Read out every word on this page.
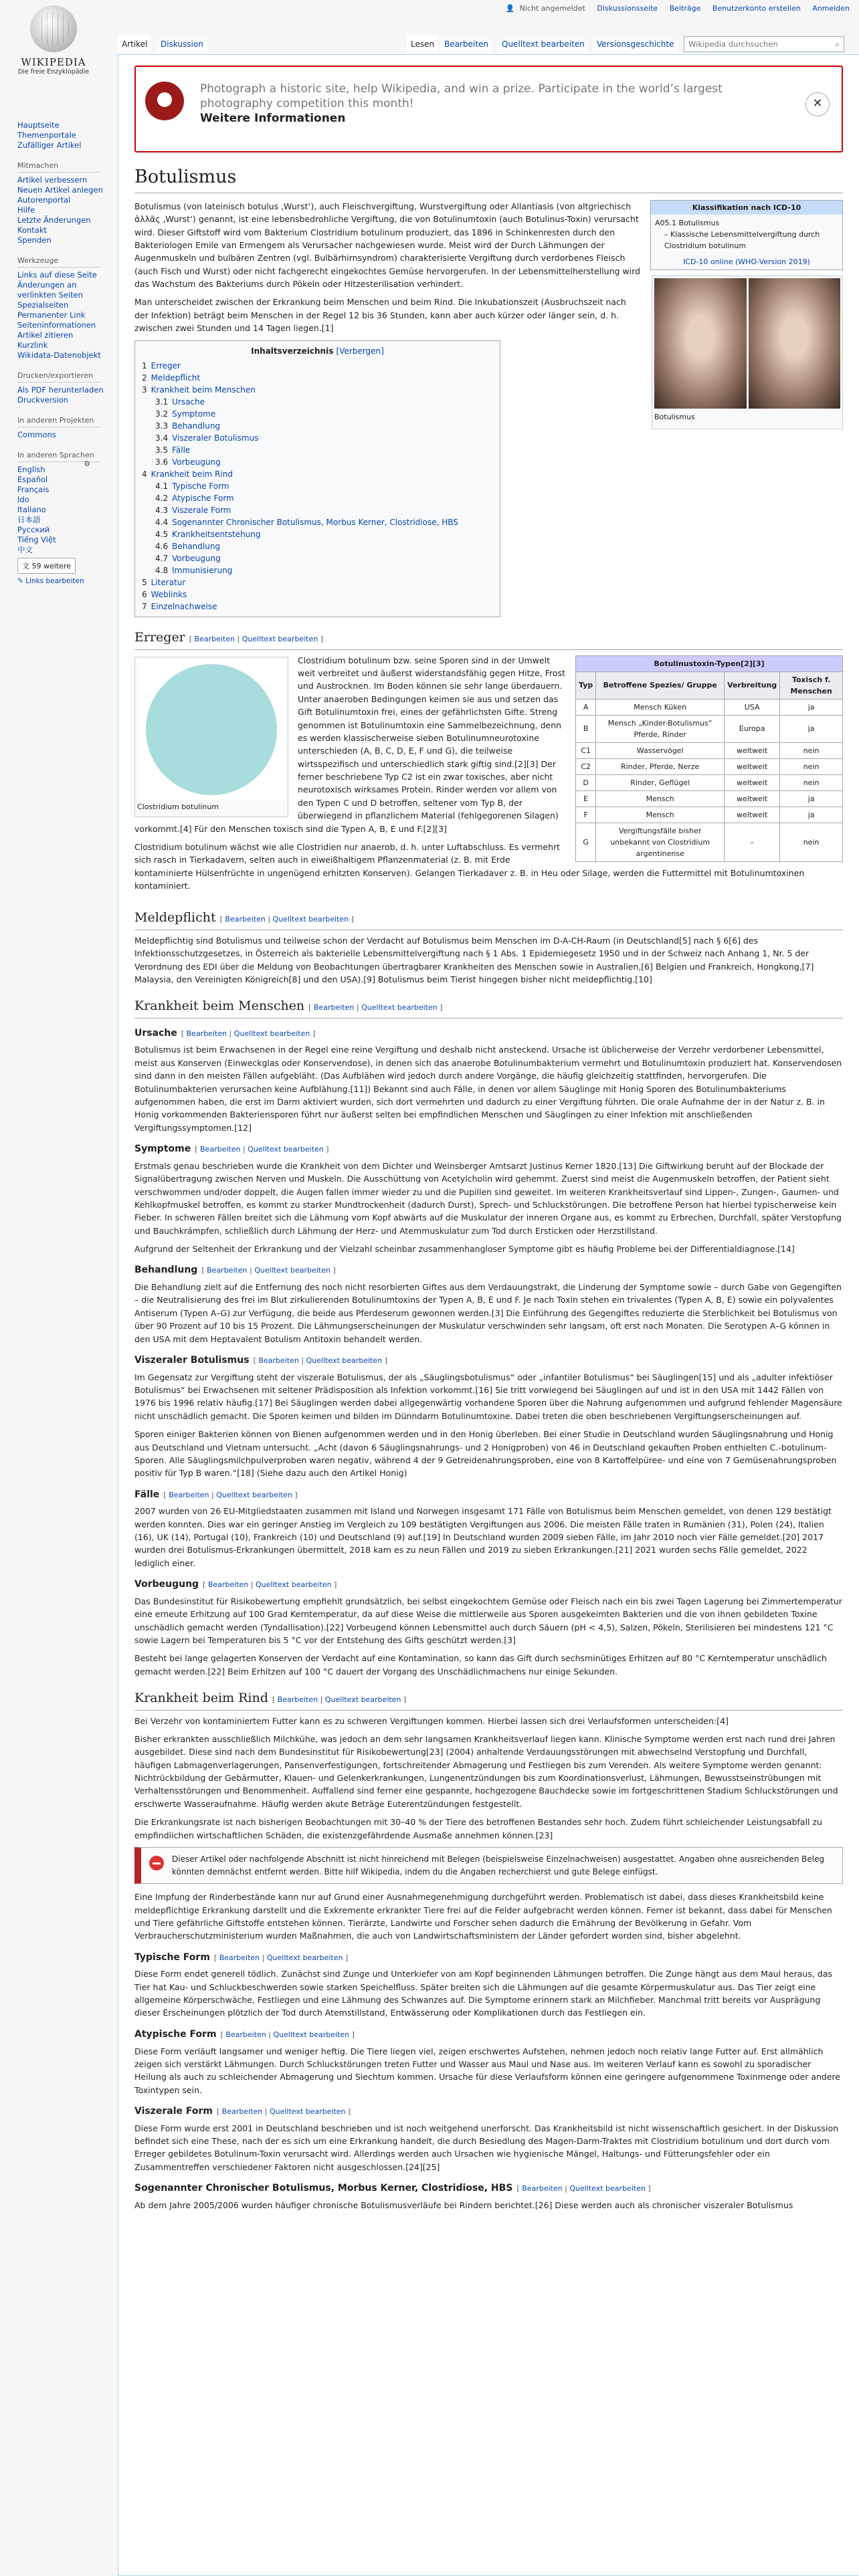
WIKIPEDIA
Die freie Enzyklopädie
👤 Nicht angemeldet Diskussionsseite Beiträge Benutzerkonto erstellen Anmelden
Artikel	Diskussion	Lesen	Bearbeiten	Quelltext bearbeiten	Versionsgeschichte	Wikipedia durchsuchen	⌕
Hauptseite
Themenportale
Zufälliger Artikel
Mitmachen
Artikel verbessern
Neuen Artikel anlegen
Autorenportal
Hilfe
Letzte Änderungen
Kontakt
Spenden
Werkzeuge
Links auf diese Seite
Änderungen an verlinkten Seiten
Spezialseiten
Permanenter Link
Seiteninformationen
Artikel zitieren
Kurzlink
Wikidata-Datenobjekt
Drucken/exportieren
Als PDF herunterladen
Druckversion
In anderen Projekten
Commons
In anderen Sprachen
⚙
English
Español
Français
Ido
Italiano
日本語
Русский
Tiếng Việt
中文
文 59 weitere
✎ Links bearbeiten
Photograph a historic site, help Wikipedia, and win a prize. Participate in the world’s largest photography competition this month!
Weitere Informationen
✕
Botulismus
Klassifikation nach ICD-10
A05.1 Botulismus
– Klassische Lebensmittelvergiftung durch Clostridium botulinum
ICD-10 online (WHO-Version 2019)
Botulismus

Botulismus (von lateinisch botulus ‚Wurst‘), auch Fleischvergiftung, Wurstvergiftung oder Allantiasis (von altgriechisch ἀλλᾶς ‚Wurst‘) genannt, ist eine lebensbedrohliche Vergiftung, die von Botulinumtoxin (auch Botulinus-Toxin) verursacht wird. Dieser Giftstoff wird vom Bakterium Clostridium botulinum produziert, das 1896 in Schinkenresten durch den Bakteriologen Emile van Ermengem als Verursacher nachgewiesen wurde. Meist wird der Durch Lähmungen der Augenmuskeln und bulbären Zentren (vgl. Bulbärhirnsyndrom) charakterisierte Vergiftung durch verdorbenes Fleisch (auch Fisch und Wurst) oder nicht fachgerecht eingekochtes Gemüse hervorgerufen. In der Lebensmittelherstellung wird das Wachstum des Bakteriums durch Pökeln oder Hitzesterilisation verhindert.

Man unterscheidet zwischen der Erkrankung beim Menschen und beim Rind. Die Inkubationszeit (Ausbruchszeit nach der Infektion) beträgt beim Menschen in der Regel 12 bis 36 Stunden, kann aber auch kürzer oder länger sein, d. h. zwischen zwei Stunden und 14 Tagen liegen.[1]

Inhaltsverzeichnis [Verbergen]
1 Erreger
2 Meldepflicht
3 Krankheit beim Menschen
3.1 Ursache
3.2 Symptome
3.3 Behandlung
3.4 Viszeraler Botulismus
3.5 Fälle
3.6 Vorbeugung
4 Krankheit beim Rind
4.1 Typische Form
4.2 Atypische Form
4.3 Viszerale Form
4.4 Sogenannter Chronischer Botulismus, Morbus Kerner, Clostridiose, HBS
4.5 Krankheitsentstehung
4.6 Behandlung
4.7 Vorbeugung
4.8 Immunisierung
5 Literatur
6 Weblinks
7 Einzelnachweise
Erreger [ Bearbeiten | Quelltext bearbeiten ]
Botulinustoxin-Typen[2][3]			
Typ	Betroffene Spezies/ Gruppe	Verbreitung	Toxisch f. Menschen
A	Mensch Küken	USA	ja
B	Mensch „Kinder-Botulismus“ Pferde, Rinder	Europa	ja
C1	Wasservögel	weltweit	nein
C2	Rinder, Pferde, Nerze	weltweit	nein
D	Rinder, Geflügel	weltweit	nein
E	Mensch	weltweit	ja
F	Mensch	weltweit	ja
G	Vergiftungsfälle bisher unbekannt von Clostridium argentinense	–	nein
Clostridium botulinum

Clostridium botulinum bzw. seine Sporen sind in der Umwelt weit verbreitet und äußerst widerstandsfähig gegen Hitze, Frost und Austrocknen. Im Boden können sie sehr lange überdauern. Unter anaeroben Bedingungen keimen sie aus und setzen das Gift Botulinumtoxin frei, eines der gefährlichsten Gifte. Streng genommen ist Botulinumtoxin eine Sammelbezeichnung, denn es werden klassischerweise sieben Botulinumneurotoxine unterschieden (A, B, C, D, E, F und G), die teilweise wirtsspezifisch und unterschiedlich stark giftig sind.[2][3] Der ferner beschriebene Typ C2 ist ein zwar toxisches, aber nicht neurotoxisch wirksames Protein. Rinder werden vor allem von den Typen C und D betroffen, seltener vom Typ B, der überwiegend in pflanzlichem Material (fehlgegorenen Silagen) vorkommt.[4] Für den Menschen toxisch sind die Typen A, B, E und F.[2][3]

Clostridium botulinum wächst wie alle Clostridien nur anaerob, d. h. unter Luftabschluss. Es vermehrt sich rasch in Tierkadavern, selten auch in eiweißhaltigem Pflanzenmaterial (z. B. mit Erde kontaminierte Hülsenfrüchte in ungenügend erhitzten Konserven). Gelangen Tierkadaver z. B. in Heu oder Silage, werden die Futtermittel mit Botulinumtoxinen kontaminiert.

Meldepflicht [ Bearbeiten | Quelltext bearbeiten ]

Meldepflichtig sind Botulismus und teilweise schon der Verdacht auf Botulismus beim Menschen im D-A-CH-Raum (in Deutschland[5] nach § 6[6] des Infektionsschutzgesetzes, in Österreich als bakterielle Lebensmittelvergiftung nach § 1 Abs. 1 Epidemiegesetz 1950 und in der Schweiz nach Anhang 1, Nr. 5 der Verordnung des EDI über die Meldung von Beobachtungen übertragbarer Krankheiten des Menschen sowie in Australien,[6] Belgien und Frankreich, Hongkong,[7] Malaysia, den Vereinigten Königreich[8] und den USA).[9] Botulismus beim Tierist hingegen bisher nicht meldepflichtig.[10]

Krankheit beim Menschen [ Bearbeiten | Quelltext bearbeiten ]
Ursache [ Bearbeiten | Quelltext bearbeiten ]

Botulismus ist beim Erwachsenen in der Regel eine reine Vergiftung und deshalb nicht ansteckend. Ursache ist üblicherweise der Verzehr verdorbener Lebensmittel, meist aus Konserven (Einweckglas oder Konservendose), in denen sich das anaerobe Botulinumbakterium vermehrt und Botulinumtoxin produziert hat. Konservendosen sind dann in den meisten Fällen aufgebläht. (Das Aufblähen wird jedoch durch andere Vorgänge, die häufig gleichzeitig stattfinden, hervorgerufen. Die Botulinumbakterien verursachen keine Aufblähung.[11]) Bekannt sind auch Fälle, in denen vor allem Säuglinge mit Honig Sporen des Botulinumbakteriums aufgenommen haben, die erst im Darm aktiviert wurden, sich dort vermehrten und dadurch zu einer Vergiftung führten. Die orale Aufnahme der in der Natur z. B. in Honig vorkommenden Bakteriensporen führt nur äußerst selten bei empfindlichen Menschen und Säuglingen zu einer Infektion mit anschließenden Vergiftungssymptomen.[12]

Symptome [ Bearbeiten | Quelltext bearbeiten ]

Erstmals genau beschrieben wurde die Krankheit von dem Dichter und Weinsberger Amtsarzt Justinus Kerner 1820.[13] Die Giftwirkung beruht auf der Blockade der Signalübertragung zwischen Nerven und Muskeln. Die Ausschüttung von Acetylcholin wird gehemmt. Zuerst sind meist die Augenmuskeln betroffen, der Patient sieht verschwommen und/oder doppelt, die Augen fallen immer wieder zu und die Pupillen sind geweitet. Im weiteren Krankheitsverlauf sind Lippen-, Zungen-, Gaumen- und Kehlkopfmuskel betroffen, es kommt zu starker Mundtrockenheit (dadurch Durst), Sprech- und Schluckstörungen. Die betroffene Person hat hierbei typischerweise kein Fieber. In schweren Fällen breitet sich die Lähmung vom Kopf abwärts auf die Muskulatur der inneren Organe aus, es kommt zu Erbrechen, Durchfall, später Verstopfung und Bauchkrämpfen, schließlich durch Lähmung der Herz- und Atemmuskulatur zum Tod durch Ersticken oder Herzstillstand.

Aufgrund der Seltenheit der Erkrankung und der Vielzahl scheinbar zusammenhangloser Symptome gibt es häufig Probleme bei der Differentialdiagnose.[14]

Behandlung [ Bearbeiten | Quelltext bearbeiten ]

Die Behandlung zielt auf die Entfernung des noch nicht resorbierten Giftes aus dem Verdauungstrakt, die Linderung der Symptome sowie – durch Gabe von Gegengiften – die Neutralisierung des frei im Blut zirkulierenden Botulinumtoxins der Typen A, B, E und F. Je nach Toxin stehen ein trivalentes (Typen A, B, E) sowie ein polyvalentes Antiserum (Typen A–G) zur Verfügung, die beide aus Pferdeserum gewonnen werden.[3] Die Einführung des Gegengiftes reduzierte die Sterblichkeit bei Botulismus von über 90 Prozent auf 10 bis 15 Prozent. Die Lähmungserscheinungen der Muskulatur verschwinden sehr langsam, oft erst nach Monaten. Die Serotypen A–G können in den USA mit dem Heptavalent Botulism Antitoxin behandelt werden.

Viszeraler Botulismus [ Bearbeiten | Quelltext bearbeiten ]

Im Gegensatz zur Vergiftung steht der viszerale Botulismus, der als „Säuglingsbotulismus“ oder „infantiler Botulismus“ bei Säuglingen[15] und als „adulter infektiöser Botulismus“ bei Erwachsenen mit seltener Prädisposition als Infektion vorkommt.[16] Sie tritt vorwiegend bei Säuglingen auf und ist in den USA mit 1442 Fällen von 1976 bis 1996 relativ häufig.[17] Bei Säuglingen werden dabei allgegenwärtig vorhandene Sporen über die Nahrung aufgenommen und aufgrund fehlender Magensäure nicht unschädlich gemacht. Die Sporen keimen und bilden im Dünndarm Botulinumtoxine. Dabei treten die oben beschriebenen Vergiftungserscheinungen auf.

Sporen einiger Bakterien können von Bienen aufgenommen werden und in den Honig überleben. Bei einer Studie in Deutschland wurden Säuglingsnahrung und Honig aus Deutschland und Vietnam untersucht. „Acht (davon 6 Säuglingsnahrungs- und 2 Honigproben) von 46 in Deutschland gekauften Proben enthielten C.-botulinum-Sporen. Alle Säuglingsmilchpulverproben waren negativ, während 4 der 9 Getreidenahrungsproben, eine von 8 Kartoffelpüree- und eine von 7 Gemüsenahrungsproben positiv für Typ B waren.“[18] (Siehe dazu auch den Artikel Honig)

Fälle [ Bearbeiten | Quelltext bearbeiten ]

2007 wurden von 26 EU-Mitgliedstaaten zusammen mit Island und Norwegen insgesamt 171 Fälle von Botulismus beim Menschen gemeldet, von denen 129 bestätigt werden konnten. Dies war ein geringer Anstieg im Vergleich zu 109 bestätigten Vergiftungen aus 2006. Die meisten Fälle traten in Rumänien (31), Polen (24), Italien (16), UK (14), Portugal (10), Frankreich (10) und Deutschland (9) auf.[19] In Deutschland wurden 2009 sieben Fälle, im Jahr 2010 noch vier Fälle gemeldet.[20] 2017 wurden drei Botulismus-Erkrankungen übermittelt, 2018 kam es zu neun Fällen und 2019 zu sieben Erkrankungen.[21] 2021 wurden sechs Fälle gemeldet, 2022 lediglich einer.

Vorbeugung [ Bearbeiten | Quelltext bearbeiten ]

Das Bundesinstitut für Risikobewertung empfiehlt grundsätzlich, bei selbst eingekochtem Gemüse oder Fleisch nach ein bis zwei Tagen Lagerung bei Zimmertemperatur eine erneute Erhitzung auf 100 Grad Kerntemperatur, da auf diese Weise die mittlerweile aus Sporen ausgekeimten Bakterien und die von ihnen gebildeten Toxine unschädlich gemacht werden (Tyndallisation).[22] Vorbeugend können Lebensmittel auch durch Säuern (pH < 4,5), Salzen, Pökeln, Sterilisieren bei mindestens 121 °C sowie Lagern bei Temperaturen bis 5 °C vor der Entstehung des Gifts geschützt werden.[3]

Besteht bei lange gelagerten Konserven der Verdacht auf eine Kontamination, so kann das Gift durch sechsminütiges Erhitzen auf 80 °C Kerntemperatur unschädlich gemacht werden.[22] Beim Erhitzen auf 100 °C dauert der Vorgang des Unschädlichmachens nur einige Sekunden.

Krankheit beim Rind [ Bearbeiten | Quelltext bearbeiten ]

Bei Verzehr von kontaminiertem Futter kann es zu schweren Vergiftungen kommen. Hierbei lassen sich drei Verlaufsformen unterscheiden:[4]

Bisher erkrankten ausschließlich Milchkühe, was jedoch an dem sehr langsamen Krankheitsverlauf liegen kann. Klinische Symptome werden erst nach rund drei Jahren ausgebildet. Diese sind nach dem Bundesinstitut für Risikobewertung[23] (2004) anhaltende Verdauungsstörungen mit abwechselnd Verstopfung und Durchfall, häufigen Labmagenverlagerungen, Pansenverfestigungen, fortschreitender Abmagerung und Festliegen bis zum Verenden. Als weitere Symptome werden genannt: Nichtrückbildung der Gebärmutter, Klauen- und Gelenkerkrankungen, Lungenentzündungen bis zum Koordinationsverlust, Lähmungen, Bewusstseinstrübungen mit Verhaltensstörungen und Benommenheit. Auffallend sind ferner eine gespannte, hochgezogene Bauchdecke sowie im fortgeschrittenen Stadium Schluckstörungen und erschwerte Wasseraufnahme. Häufig werden akute Beträge Euterentzündungen festgestellt.

Die Erkrankungsrate ist nach bisherigen Beobachtungen mit 30–40 % der Tiere des betroffenen Bestandes sehr hoch. Zudem führt schleichender Leistungsabfall zu empfindlichen wirtschaftlichen Schäden, die existenzgefährdende Ausmaße annehmen können.[23]

Dieser Artikel oder nachfolgende Abschnitt ist nicht hinreichend mit Belegen (beispielsweise Einzelnachweisen) ausgestattet. Angaben ohne ausreichenden Beleg könnten demnächst entfernt werden. Bitte hilf Wikipedia, indem du die Angaben recherchierst und gute Belege einfügst.

Eine Impfung der Rinderbestände kann nur auf Grund einer Ausnahmegenehmigung durchgeführt werden. Problematisch ist dabei, dass dieses Krankheitsbild keine meldepflichtige Erkrankung darstellt und die Exkremente erkrankter Tiere frei auf die Felder aufgebracht werden können. Ferner ist bekannt, dass dabei für Menschen und Tiere gefährliche Giftstoffe entstehen können. Tierärzte, Landwirte und Forscher sehen dadurch die Ernährung der Bevölkerung in Gefahr. Vom Verbraucherschutzministerium wurden Maßnahmen, die auch von Landwirtschaftsministern der Länder gefordert worden sind, bisher abgelehnt.

Typische Form [ Bearbeiten | Quelltext bearbeiten ]

Diese Form endet generell tödlich. Zunächst sind Zunge und Unterkiefer von am Kopf beginnenden Lähmungen betroffen. Die Zunge hängt aus dem Maul heraus, das Tier hat Kau- und Schluckbeschwerden sowie starken Speichelfluss. Später breiten sich die Lähmungen auf die gesamte Körpermuskulatur aus. Das Tier zeigt eine allgemeine Körperschwäche, Festliegen und eine Lähmung des Schwanzes auf. Die Symptome erinnern stark an Milchfieber. Manchmal tritt bereits vor Ausprägung dieser Erscheinungen plötzlich der Tod durch Atemstillstand, Entwässerung oder Komplikationen durch das Festliegen ein.

Atypische Form [ Bearbeiten | Quelltext bearbeiten ]

Diese Form verläuft langsamer und weniger heftig. Die Tiere liegen viel, zeigen erschwertes Aufstehen, nehmen jedoch noch relativ lange Futter auf. Erst allmählich zeigen sich verstärkt Lähmungen. Durch Schluckstörungen treten Futter und Wasser aus Maul und Nase aus. Im weiteren Verlauf kann es sowohl zu sporadischer Heilung als auch zu schleichender Abmagerung und Siechtum kommen. Ursache für diese Verlaufsform können eine geringere aufgenommene Toxinmenge oder andere Toxintypen sein.

Viszerale Form [ Bearbeiten | Quelltext bearbeiten ]

Diese Form wurde erst 2001 in Deutschland beschrieben und ist noch weitgehend unerforscht. Das Krankheitsbild ist nicht wissenschaftlich gesichert. In der Diskussion befindet sich eine These, nach der es sich um eine Erkrankung handelt, die durch Besiedlung des Magen-Darm-Traktes mit Clostridium botulinum und dort durch vom Erreger gebildetes Botulinum-Toxin verursacht wird. Allerdings werden auch Ursachen wie hygienische Mängel, Haltungs- und Fütterungsfehler oder ein Zusammentreffen verschiedener Faktoren nicht ausgeschlossen.[24][25]

Sogenannter Chronischer Botulismus, Morbus Kerner, Clostridiose, HBS [ Bearbeiten | Quelltext bearbeiten ]

Ab dem Jahre 2005/2006 wurden häufiger chronische Botulismusverläufe bei Rindern berichtet.[26] Diese werden auch als chronischer viszeraler Botulismus
